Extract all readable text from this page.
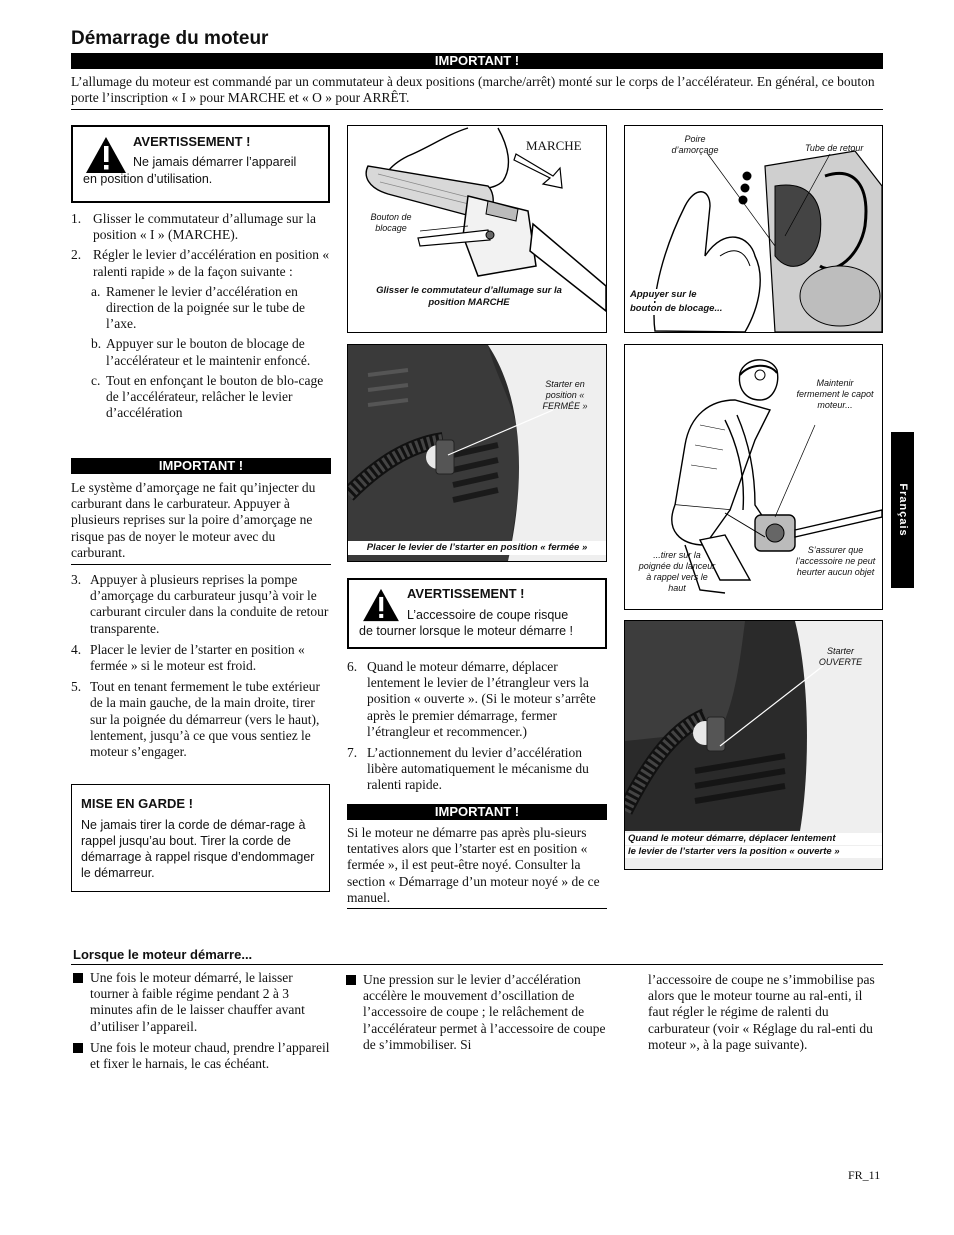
Démarrage du moteur
IMPORTANT !
L’allumage du moteur est commandé par un commutateur à deux positions (marche/arrêt) monté sur le corps de l’accélérateur. En général, ce bouton porte l’inscription « I » pour MARCHE et « O » pour ARRÊT.
AVERTISSEMENT !
Ne jamais démarrer l’appareil
en position d’utilisation.
1. Glisser le commutateur d’allumage sur la position « I » (MARCHE).
2. Régler le levier d’accélération en position « ralenti rapide » de la façon suivante :
a. Ramener le levier d’accélération en direction de la poignée sur le tube de l’axe.
b. Appuyer sur le bouton de blocage de l’accélérateur et le maintenir enfoncé.
c. Tout en enfonçant le bouton de blo-cage de l’accélérateur, relâcher le levier d’accélération
IMPORTANT !
Le système d’amorçage ne fait qu’injecter du carburant dans le carburateur. Appuyer à plusieurs reprises sur la poire d’amorçage ne risque pas de noyer le moteur avec du carburant.
3. Appuyer à plusieurs reprises la pompe d’amorçage du carburateur jusqu’à voir le carburant circuler dans la conduite de retour transparente.
4. Placer le levier de l’starter en position « fermée » si le moteur est froid.
5. Tout en tenant fermement le tube extérieur de la main gauche, de la main droite, tirer sur la poignée du démarreur (vers le haut), lentement, jusqu’à ce que vous sentiez le moteur s’engager.
MISE EN GARDE !
Ne jamais tirer la corde de démar-rage à rappel jusqu’au bout. Tirer la corde de démarrage à rappel risque d’endommager le démarreur.
MARCHE
Bouton de blocage
Glisser le commutateur d’allumage sur la position MARCHE
Poire d’amorçage	Tube de retour
Appuyer sur le
bouton de blocage...
Starter en position « FERMÉE »
Placer le levier de l’starter en position « fermée »
Maintenir fermement le capot moteur...
...tirer sur la poignée du lanceur à rappel vers le haut
S’assurer que l’accessoire ne peut heurter aucun objet
AVERTISSEMENT !
L’accessoire de coupe risque
de tourner lorsque le moteur démarre !
6. Quand le moteur démarre, déplacer lentement le levier de l’étrangleur vers la position « ouverte ». (Si le moteur s’arrête après le premier démarrage, fermer l’étrangleur et recommencer.)
7. L’actionnement du levier d’accélération libère automatiquement le mécanisme du ralenti rapide.
IMPORTANT !
Si le moteur ne démarre pas après plu-sieurs tentatives alors que l’starter est en position « fermée », il est peut-être noyé. Consulter la section « Démarrage d’un moteur noyé » de ce manuel.
Starter OUVERTE
Quand le moteur démarre, déplacer lentement
le levier de l’starter vers la position « ouverte »
Français
Lorsque le moteur démarre...
Une fois le moteur démarré, le laisser tourner à faible régime pendant 2 à 3 minutes afin de le laisser chauffer avant d’utiliser l’appareil.
Une fois le moteur chaud, prendre l’appareil et fixer le harnais, le cas échéant.
Une pression sur le levier d’accélération accélère le mouvement d’oscillation de l’accessoire de coupe ; le relâchement de l’accélérateur permet à l’accessoire de coupe de s’immobiliser. Si
l’accessoire de coupe ne s’immobilise pas alors que le moteur tourne au ral-enti, il faut régler le régime de ralenti du carburateur (voir « Réglage du ral-enti du moteur », à la page suivante).
FR_11
